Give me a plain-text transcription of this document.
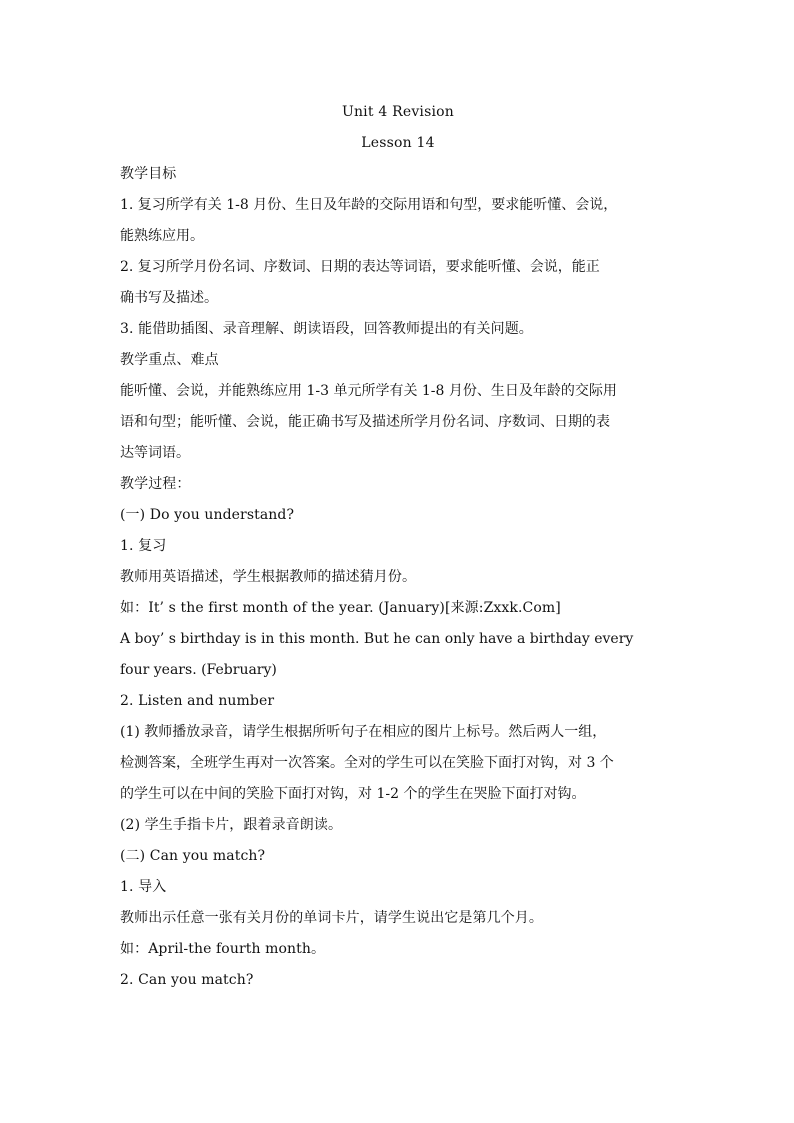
Unit 4 Revision
Lesson 14
教学目标
1. 复习所学有关 1-8 月份、生日及年龄的交际用语和句型，要求能听懂、会说，
能熟练应用。
2. 复习所学月份名词、序数词、日期的表达等词语，要求能听懂、会说，能正
确书写及描述。
3. 能借助插图、录音理解、朗读语段，回答教师提出的有关问题。
教学重点、难点
能听懂、会说，并能熟练应用 1-3 单元所学有关 1-8 月份、生日及年龄的交际用
语和句型；能听懂、会说，能正确书写及描述所学月份名词、序数词、日期的表
达等词语。
教学过程：
(一) Do you understand?
1. 复习
教师用英语描述，学生根据教师的描述猜月份。
如：It’ s the first month of the year. (January)[来源:Zxxk.Com]
A boy’ s birthday is in this month. But he can only have a birthday every
four years. (February)
2. Listen and number
(1) 教师播放录音，请学生根据所听句子在相应的图片上标号。然后两人一组，
检测答案，全班学生再对一次答案。全对的学生可以在笑脸下面打对钩，对 3 个
的学生可以在中间的笑脸下面打对钩，对 1-2 个的学生在哭脸下面打对钩。
(2) 学生手指卡片，跟着录音朗读。
(二) Can you match?
1. 导入
教师出示任意一张有关月份的单词卡片，请学生说出它是第几个月。
如：April-the fourth month。
2. Can you match?
